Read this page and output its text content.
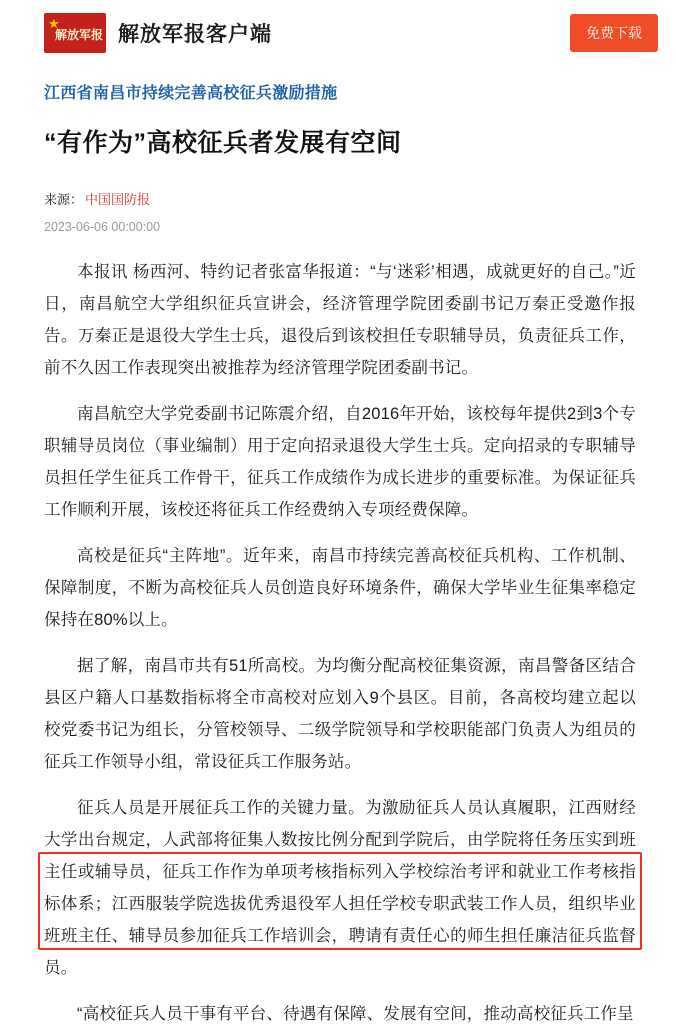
★
解放军报 解放军报客户端	免费下载
江西省南昌市持续完善高校征兵激励措施
“有作为”高校征兵者发展有空间
来源： 中国国防报
2023-06-06 00:00:00

本报讯 杨西河、特约记者张富华报道：“与‘迷彩’相遇，成就更好的自己。”近日，南昌航空大学组织征兵宣讲会，经济管理学院团委副书记万秦正受邀作报告。万秦正是退役大学生士兵，退役后到该校担任专职辅导员，负责征兵工作，前不久因工作表现突出被推荐为经济管理学院团委副书记。

南昌航空大学党委副书记陈震介绍，自2016年开始，该校每年提供2到3个专职辅导员岗位（事业编制）用于定向招录退役大学生士兵。定向招录的专职辅导员担任学生征兵工作骨干，征兵工作成绩作为成长进步的重要标准。为保证征兵工作顺利开展，该校还将征兵工作经费纳入专项经费保障。

高校是征兵“主阵地”。近年来，南昌市持续完善高校征兵机构、工作机制、保障制度，不断为高校征兵人员创造良好环境条件，确保大学毕业生征集率稳定保持在80%以上。

据了解，南昌市共有51所高校。为均衡分配高校征集资源，南昌警备区结合县区户籍人口基数指标将全市高校对应划入9个县区。目前，各高校均建立起以校党委书记为组长，分管校领导、二级学院领导和学校职能部门负责人为组员的征兵工作领导小组，常设征兵工作服务站。

征兵人员是开展征兵工作的关键力量。为激励征兵人员认真履职，江西财经大学出台规定，人武部将征集人数按比例分配到学院后，由学院将任务压实到班主任或辅导员，征兵工作作为单项考核指标列入学校综治考评和就业工作考核指标体系；江西服装学院选拔优秀退役军人担任学校专职武装工作人员，组织毕业班班主任、辅导员参加征兵工作培训会，聘请有责任心的师生担任廉洁征兵监督员。

“高校征兵人员干事有平台、待遇有保障、发展有空间，推动高校征兵工作呈
